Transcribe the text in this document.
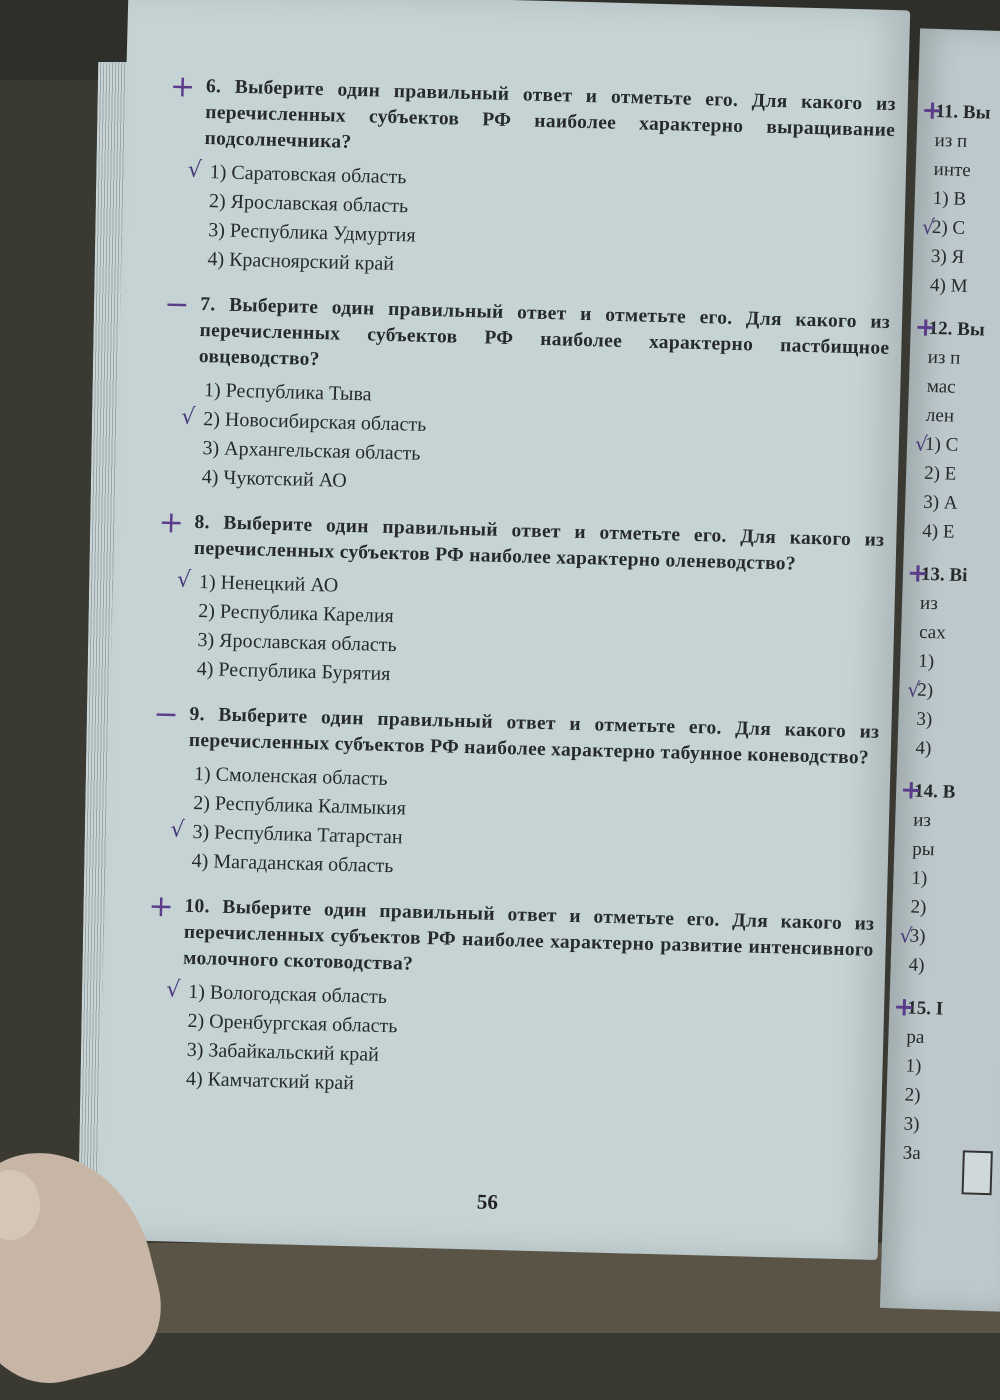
+
11. Вы
из п
инте
1) В
√
2) С
3) Я
4) М
+
12. Вы
из п
мас
лен
√
1) С
2) Е
3) А
4) Е
+
13. Ві
из
сах
1)
√
2)
3)
4)
+
14. В
из
ры
1)
2)
√
3)
4)
+
15. І
ра
1)
2)
3)
За
+ 6. Выберите один правильный ответ и отметьте его. Для какого из перечисленных субъектов РФ наиболее характерно выращивание подсолнечника?
√ 1) Саратовская область
2) Ярославская область
3) Республика Удмуртия
4) Красноярский край
− 7. Выберите один правильный ответ и отметьте его. Для какого из перечисленных субъектов РФ наиболее характерно пастбищное овцеводство?
1) Республика Тыва
√ 2) Новосибирская область
3) Архангельская область
4) Чукотский АО
+ 8. Выберите один правильный ответ и отметьте его. Для какого из перечисленных субъектов РФ наиболее характерно оленеводство?
√ 1) Ненецкий АО
2) Республика Карелия
3) Ярославская область
4) Республика Бурятия
− 9. Выберите один правильный ответ и отметьте его. Для какого из перечисленных субъектов РФ наиболее характерно табунное коневодство?
1) Смоленская область
2) Республика Калмыкия
√ 3) Республика Татарстан
4) Магаданская область
+ 10. Выберите один правильный ответ и отметьте его. Для какого из перечисленных субъектов РФ наиболее характерно развитие интенсивного молочного скотоводства?
√ 1) Вологодская область
2) Оренбургская область
3) Забайкальский край
4) Камчатский край
56
